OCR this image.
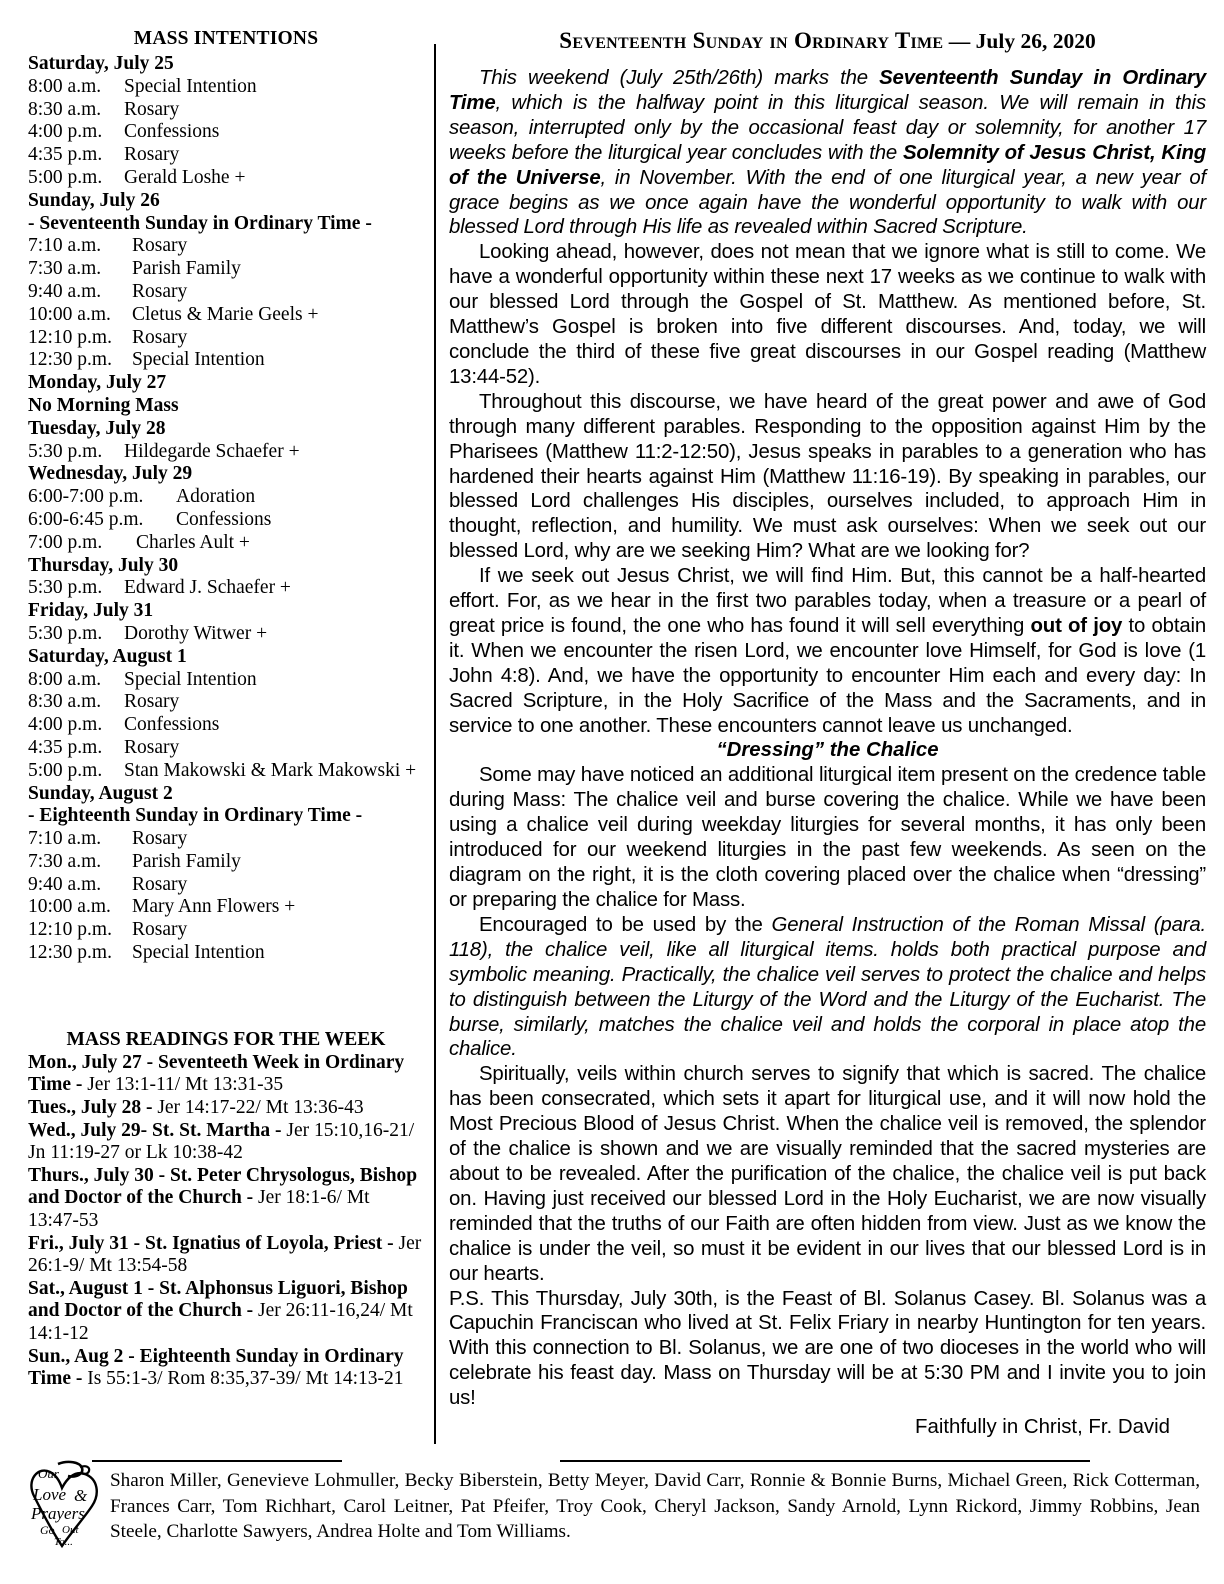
MASS INTENTIONS
Saturday, July 25
8:00 a.m.	Special Intention
8:30 a.m.	Rosary
4:00 p.m.	Confessions
4:35 p.m.	Rosary
5:00 p.m.	Gerald Loshe +
Sunday, July 26
- Seventeenth Sunday in Ordinary Time -
7:10 a.m.	Rosary
7:30 a.m.	Parish Family
9:40 a.m.	Rosary
10:00 a.m.	Cletus & Marie Geels +
12:10 p.m.	Rosary
12:30 p.m.	Special Intention
Monday, July 27
No Morning Mass
Tuesday, July 28
5:30 p.m.	Hildegarde Schaefer +
Wednesday, July 29
6:00-7:00 p.m.	Adoration
6:00-6:45 p.m.	Confessions
7:00 p.m.	Charles Ault +
Thursday, July 30
5:30 p.m.	Edward J. Schaefer +
Friday, July 31
5:30 p.m.	Dorothy Witwer +
Saturday, August 1
8:00 a.m.	Special Intention
8:30 a.m.	Rosary
4:00 p.m.	Confessions
4:35 p.m.	Rosary
5:00 p.m.	Stan Makowski & Mark Makowski +
Sunday, August 2
- Eighteenth Sunday in Ordinary Time -
7:10 a.m.	Rosary
7:30 a.m.	Parish Family
9:40 a.m.	Rosary
10:00 a.m.	Mary Ann Flowers +
12:10 p.m.	Rosary
12:30 p.m.	Special Intention
MASS READINGS FOR THE WEEK

Mon., July 27 - Seventeeth Week in Ordinary Time - Jer 13:1-11/ Mt 13:31-35

Tues., July 28 - Jer 14:17-22/ Mt 13:36-43

Wed., July 29- St. St. Martha - Jer 15:10,16-21/ Jn 11:19-27 or Lk 10:38-42

Thurs., July 30 - St. Peter Chrysologus, Bishop and Doctor of the Church - Jer 18:1-6/ Mt 13:47-53

Fri., July 31 - St. Ignatius of Loyola, Priest - Jer 26:1-9/ Mt 13:54-58

Sat., August 1 - St. Alphonsus Liguori, Bishop and Doctor of the Church - Jer 26:11-16,24/ Mt 14:1-12

Sun., Aug 2 - Eighteenth Sunday in Ordinary Time - Is 55:1-3/ Rom 8:35,37-39/ Mt 14:13-21

Seventeenth Sunday in Ordinary Time — July 26, 2020

This weekend (July 25th/26th) marks the Seventeenth Sunday in Ordinary Time, which is the halfway point in this liturgical season. We will remain in this season, interrupted only by the occasional feast day or solemnity, for another 17 weeks before the liturgical year concludes with the Solemnity of Jesus Christ, King of the Universe, in November. With the end of one liturgical year, a new year of grace begins as we once again have the wonderful opportunity to walk with our blessed Lord through His life as revealed within Sacred Scripture.

Looking ahead, however, does not mean that we ignore what is still to come. We have a wonderful opportunity within these next 17 weeks as we continue to walk with our blessed Lord through the Gospel of St. Matthew. As mentioned before, St. Matthew’s Gospel is broken into five different discourses. And, today, we will conclude the third of these five great discourses in our Gospel reading (Matthew 13:44-52).

Throughout this discourse, we have heard of the great power and awe of God through many different parables. Responding to the opposition against Him by the Pharisees (Matthew 11:2-12:50), Jesus speaks in parables to a generation who has hardened their hearts against Him (Matthew 11:16-19). By speaking in parables, our blessed Lord challenges His disciples, ourselves included, to approach Him in thought, reflection, and humility. We must ask ourselves: When we seek out our blessed Lord, why are we seeking Him? What are we looking for?

If we seek out Jesus Christ, we will find Him. But, this cannot be a half-hearted effort. For, as we hear in the first two parables today, when a treasure or a pearl of great price is found, the one who has found it will sell everything out of joy to obtain it. When we encounter the risen Lord, we encounter love Himself, for God is love (1 John 4:8). And, we have the opportunity to encounter Him each and every day: In Sacred Scripture, in the Holy Sacrifice of the Mass and the Sacraments, and in service to one another. These encounters cannot leave us unchanged.

“Dressing” the Chalice

Some may have noticed an additional liturgical item present on the credence table during Mass: The chalice veil and burse covering the chalice. While we have been using a chalice veil during weekday liturgies for several months, it has only been introduced for our weekend liturgies in the past few weekends. As seen on the diagram on the right, it is the cloth covering placed over the chalice when “dressing” or preparing the chalice for Mass.

Encouraged to be used by the General Instruction of the Roman Missal (para. 118), the chalice veil, like all liturgical items. holds both practical purpose and symbolic meaning. Practically, the chalice veil serves to protect the chalice and helps to distinguish between the Liturgy of the Word and the Liturgy of the Eucharist. The burse, similarly, matches the chalice veil and holds the corporal in place atop the chalice.

Spiritually, veils within church serves to signify that which is sacred. The chalice has been consecrated, which sets it apart for liturgical use, and it will now hold the Most Precious Blood of Jesus Christ. When the chalice veil is removed, the splendor of the chalice is shown and we are visually reminded that the sacred mysteries are about to be revealed. After the purification of the chalice, the chalice veil is put back on. Having just received our blessed Lord in the Holy Eucharist, we are now visually reminded that the truths of our Faith are often hidden from view. Just as we know the chalice is under the veil, so must it be evident in our lives that our blessed Lord is in our hearts.

P.S. This Thursday, July 30th, is the Feast of Bl. Solanus Casey. Bl. Solanus was a Capuchin Franciscan who lived at St. Felix Friary in nearby Huntington for ten years. With this connection to Bl. Solanus, we are one of two dioceses in the world who will celebrate his feast day. Mass on Thursday will be at 5:30 PM and I invite you to join us!

Faithfully in Christ, Fr. David
Our
Love &
Prayers
Go Out
To...
Sharon Miller, Genevieve Lohmuller, Becky Biberstein, Betty Meyer, David Carr, Ronnie & Bonnie Burns, Michael Green, Rick Cotterman, Frances Carr, Tom Richhart, Carol Leitner, Pat Pfeifer, Troy Cook, Cheryl Jackson, Sandy Arnold, Lynn Rickord, Jimmy Robbins, Jean Steele, Charlotte Sawyers, Andrea Holte and Tom Williams.
